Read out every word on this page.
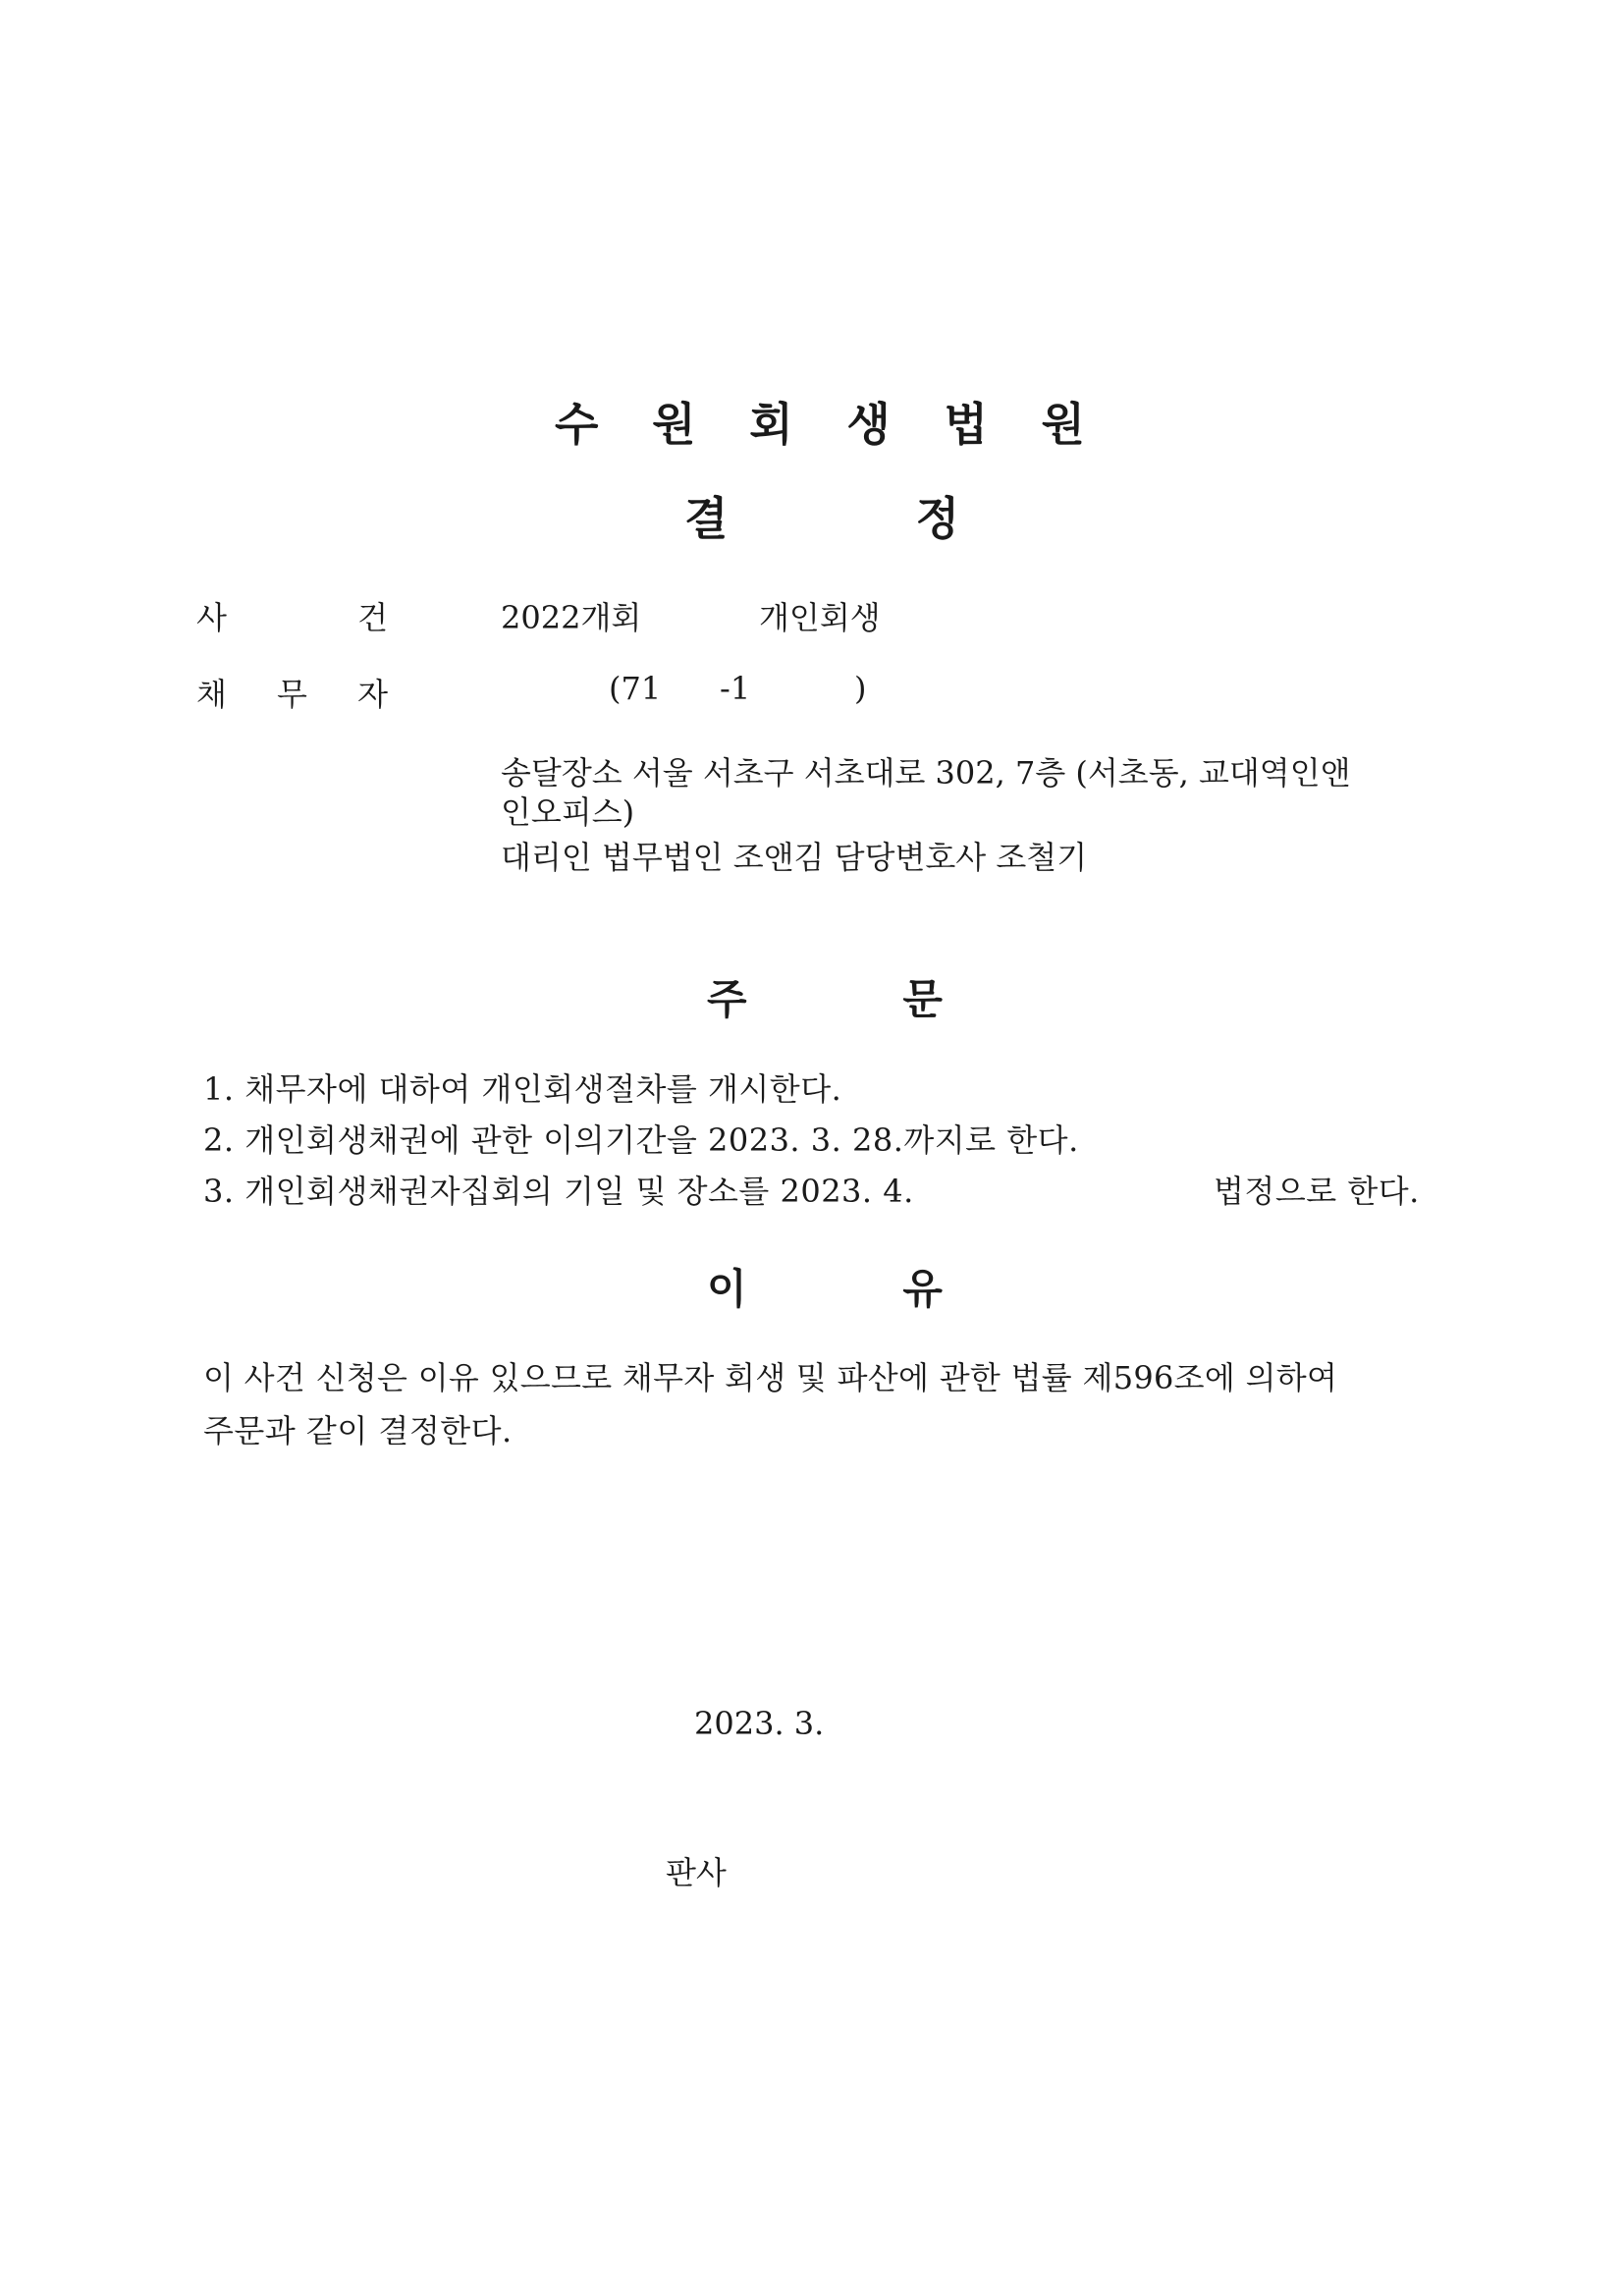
수 원 회 생 법 원
결	정
사	건	2022개회	개인회생
채 무 자	(71 -1	)
송달장소 서울 서초구 서초대로 302, 7층 (서초동, 교대역인앤
인오피스)
대리인 법무법인 조앤김 담당변호사 조철기
주	문
1. 채무자에 대하여 개인회생절차를 개시한다.
2. 개인회생채권에 관한 이의기간을 2023. 3. 28.까지로 한다.
3. 개인회생채권자집회의 기일 및 장소를 2023. 4.	법정으로 한다.
이	유
이 사건 신청은 이유 있으므로 채무자 회생 및 파산에 관한 법률 제596조에 의하여
주문과 같이 결정한다.
2023. 3.
판사
